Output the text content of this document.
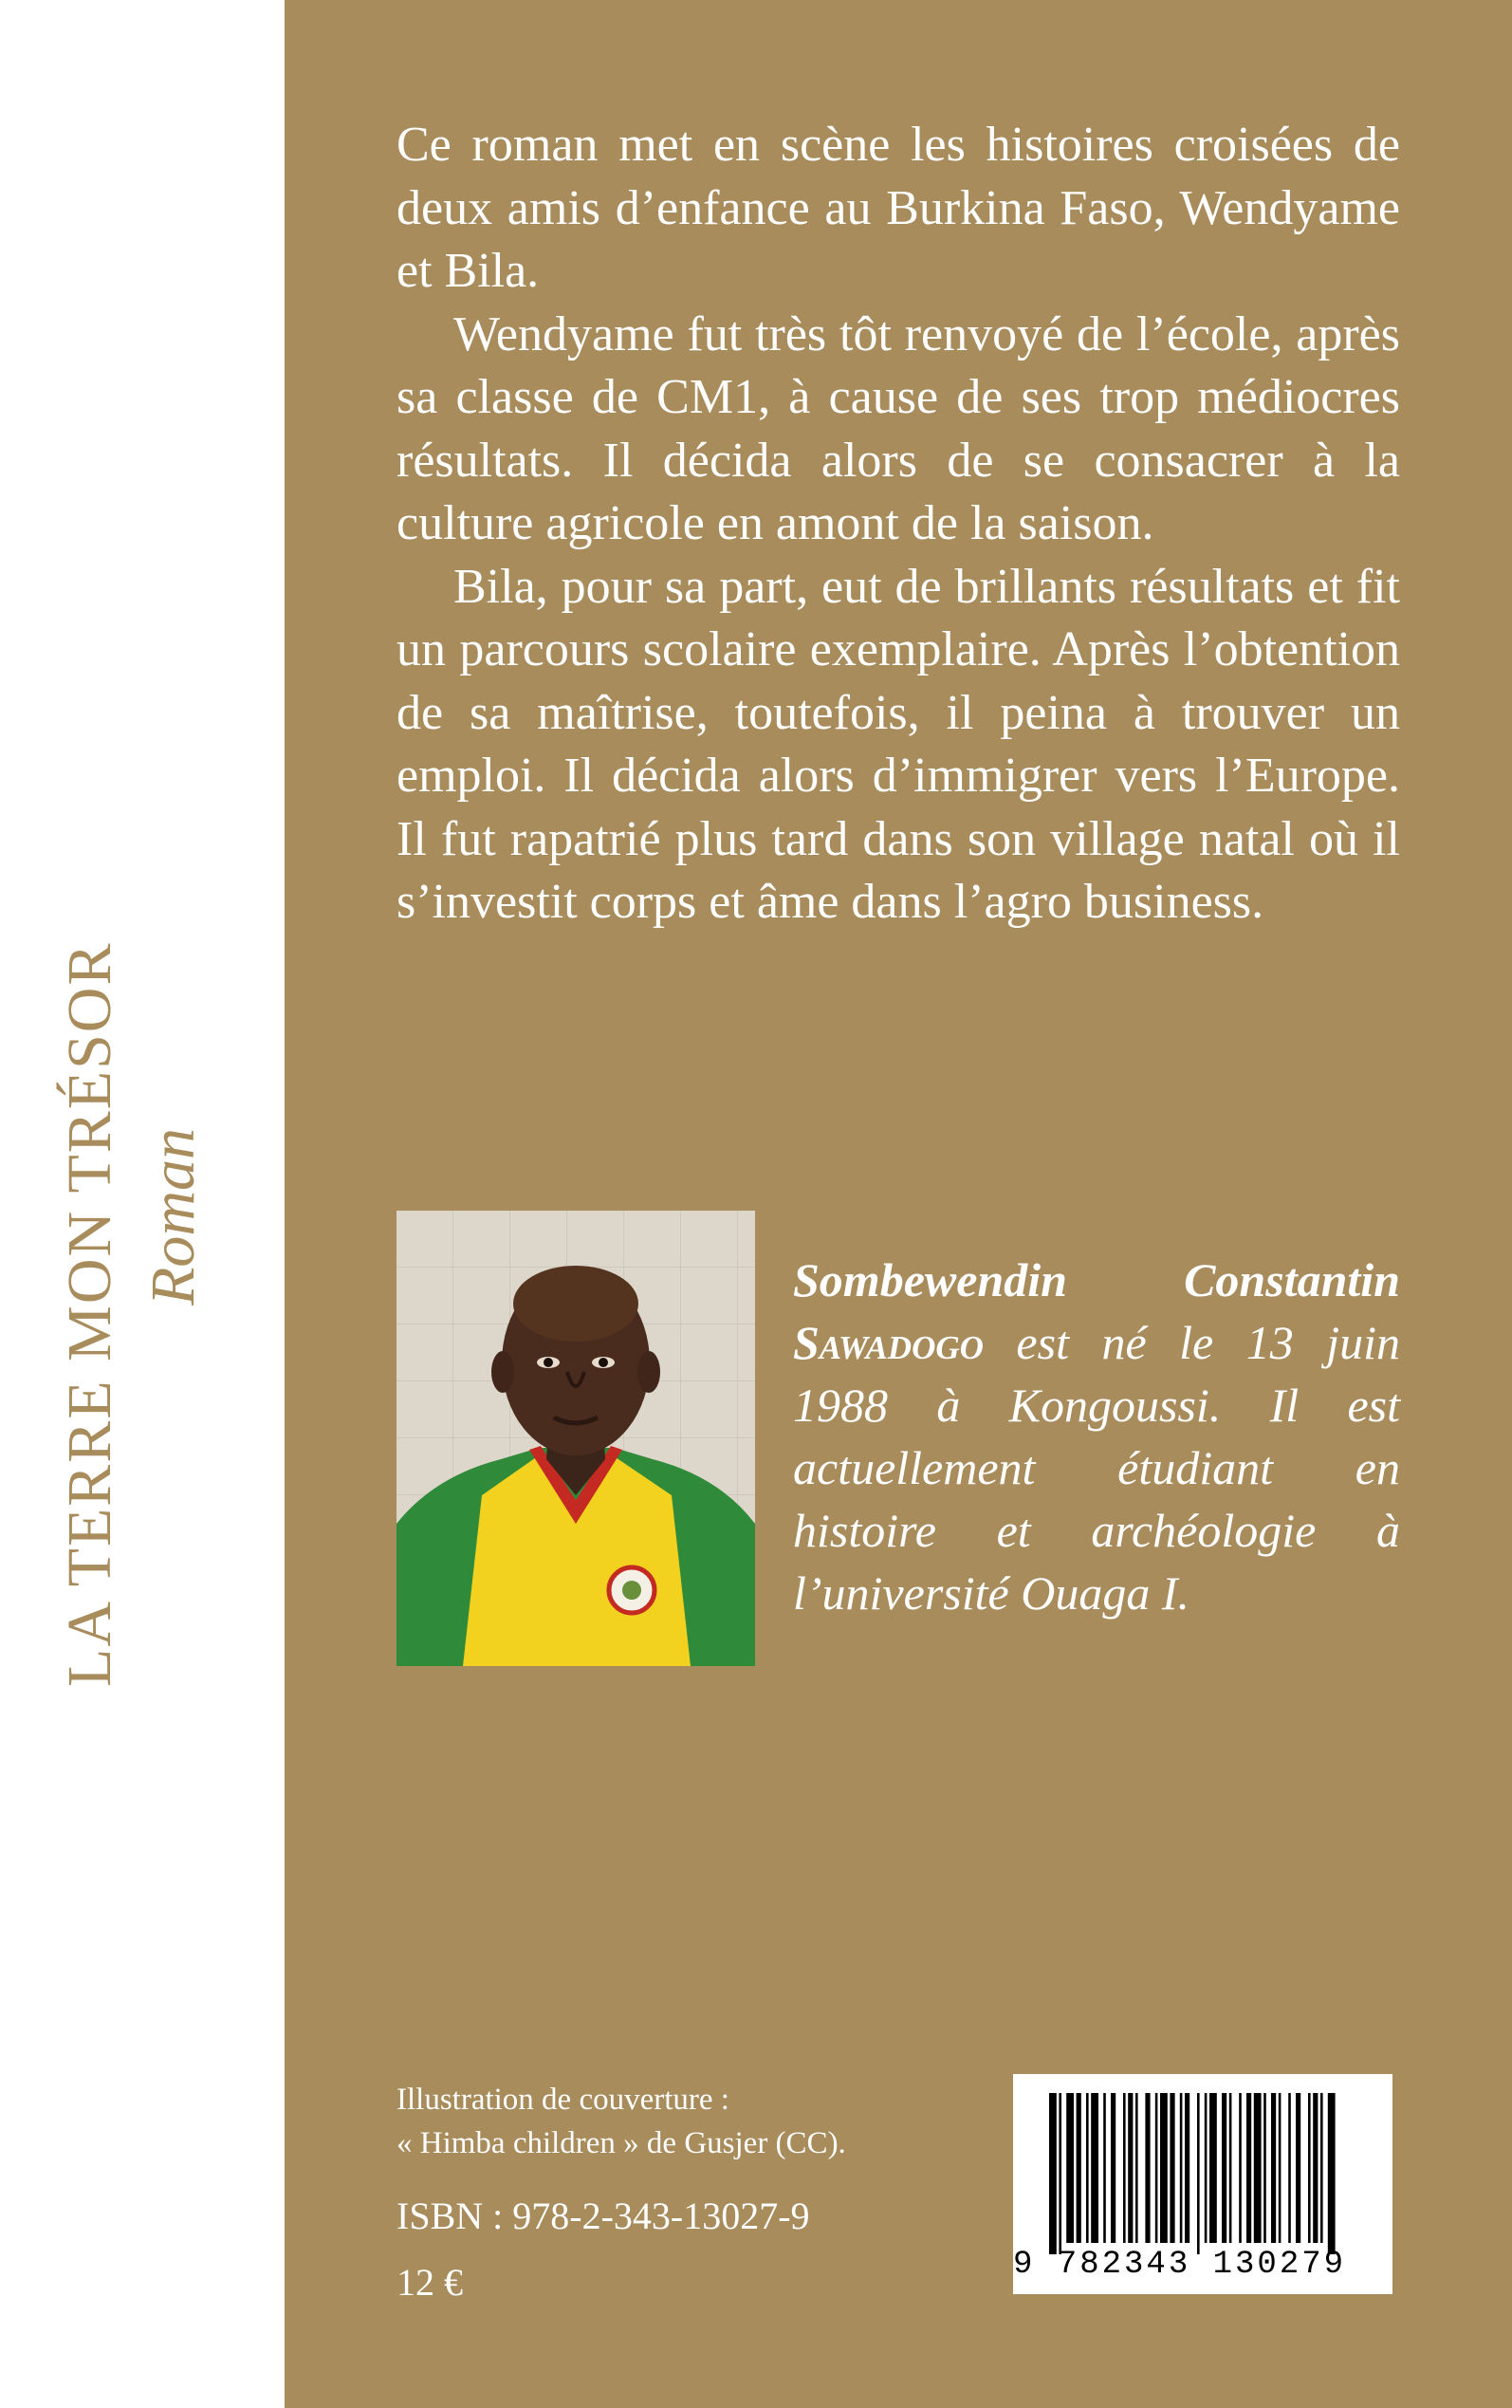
LA TERRE MON TRÉSOR Roman

Ce roman met en scène les histoires croisées de deux amis d’enfance au Burkina Faso, Wendyame et Bila.

Wendyame fut très tôt renvoyé de l’école, après sa classe de CM1, à cause de ses trop médiocres résultats. Il décida alors de se consacrer à la culture agricole en amont de la saison.

Bila, pour sa part, eut de brillants résultats et fit un parcours scolaire exemplaire. Après l’obtention de sa maîtrise, toutefois, il peina à trouver un emploi. Il décida alors d’immigrer vers l’Europe. Il fut rapatrié plus tard dans son village natal où il s’investit corps et âme dans l’agro business.

Sombewendin Constantin Sawadogo est né le 13 juin 1988 à Kongoussi. Il est actuellement étudiant en histoire et archéologie à l’université Ouaga I.
Illustration de couverture :
« Himba children » de Gusjer (CC).
ISBN : 978-2-343-13027-9
12 €	9 782343 130279
